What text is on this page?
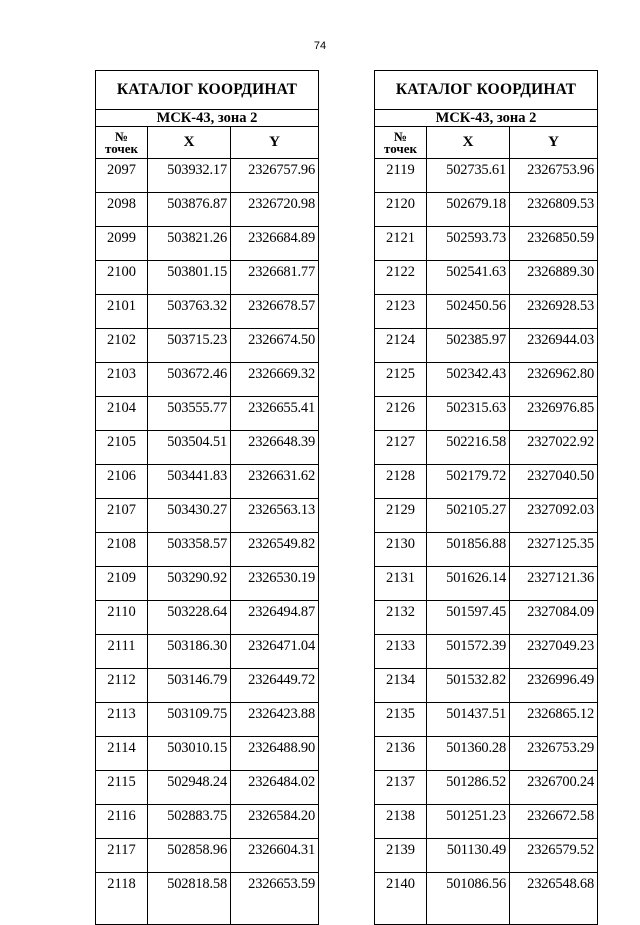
74
КАТАЛОГ КООРДИНАТ		
МСК-43, зона 2		
№
точек	X	Y
2097	503932.17	2326757.96
2098	503876.87	2326720.98
2099	503821.26	2326684.89
2100	503801.15	2326681.77
2101	503763.32	2326678.57
2102	503715.23	2326674.50
2103	503672.46	2326669.32
2104	503555.77	2326655.41
2105	503504.51	2326648.39
2106	503441.83	2326631.62
2107	503430.27	2326563.13
2108	503358.57	2326549.82
2109	503290.92	2326530.19
2110	503228.64	2326494.87
2111	503186.30	2326471.04
2112	503146.79	2326449.72
2113	503109.75	2326423.88
2114	503010.15	2326488.90
2115	502948.24	2326484.02
2116	502883.75	2326584.20
2117	502858.96	2326604.31
2118	502818.58	2326653.59
КАТАЛОГ КООРДИНАТ		
МСК-43, зона 2		
№
точек	X	Y
2119	502735.61	2326753.96
2120	502679.18	2326809.53
2121	502593.73	2326850.59
2122	502541.63	2326889.30
2123	502450.56	2326928.53
2124	502385.97	2326944.03
2125	502342.43	2326962.80
2126	502315.63	2326976.85
2127	502216.58	2327022.92
2128	502179.72	2327040.50
2129	502105.27	2327092.03
2130	501856.88	2327125.35
2131	501626.14	2327121.36
2132	501597.45	2327084.09
2133	501572.39	2327049.23
2134	501532.82	2326996.49
2135	501437.51	2326865.12
2136	501360.28	2326753.29
2137	501286.52	2326700.24
2138	501251.23	2326672.58
2139	501130.49	2326579.52
2140	501086.56	2326548.68
